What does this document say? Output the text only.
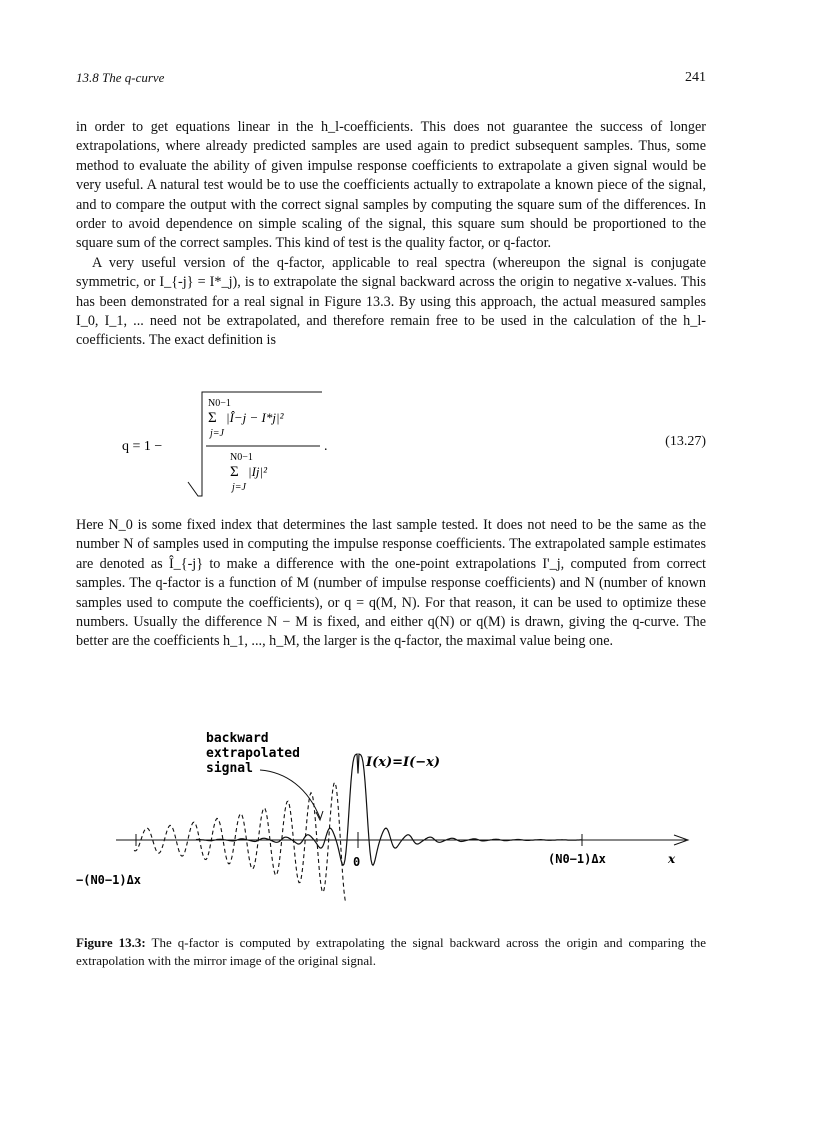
13.8 The q-curve	241

in order to get equations linear in the h_l-coefficients. This does not guarantee the success of longer extrapolations, where already predicted samples are used again to predict subsequent samples. Thus, some method to evaluate the ability of given impulse response coefficients to extrapolate a given signal would be very useful. A natural test would be to use the coefficients actually to extrapolate a known piece of the signal, and to compare the output with the correct signal samples by computing the square sum of the differences. In order to avoid dependence on simple scaling of the signal, this square sum should be proportioned to the square sum of the correct samples. This kind of test is the quality factor, or q-factor.

A very useful version of the q-factor, applicable to real spectra (whereupon the signal is conjugate symmetric, or I_{-j} = I*_j), is to extrapolate the signal backward across the origin to negative x-values. This has been demonstrated for a real signal in Figure 13.3. By using this approach, the actual measured samples I_0, I_1, ... need not be extrapolated, and therefore remain free to be used in the calculation of the h_l-coefficients. The exact definition is

q = 1 −
N0−1
Σ |Î−j − I*j|²
j=J
.
N0−1
Σ |Ij|²
j=J
(13.27)

Here N_0 is some fixed index that determines the last sample tested. It does not need to be the same as the number N of samples used in computing the impulse response coefficients. The extrapolated sample estimates are denoted as Î_{-j} to make a difference with the one-point extrapolations I'_j, computed from correct samples. The q-factor is a function of M (number of impulse response coefficients) and N (number of known samples used to compute the coefficients), or q = q(M, N). For that reason, it can be used to optimize these numbers. Usually the difference N − M is fixed, and either q(N) or q(M) is drawn, giving the q-curve. The better are the coefficients h_1, ..., h_M, the larger is the q-factor, the maximal value being one.

backward
extrapolated
signal	I(x)=I(−x)
0	(N0−1)Δx
−(N0−1)Δx
x
Figure 13.3: The q-factor is computed by extrapolating the signal backward across the origin and comparing the extrapolation with the mirror image of the original signal.
